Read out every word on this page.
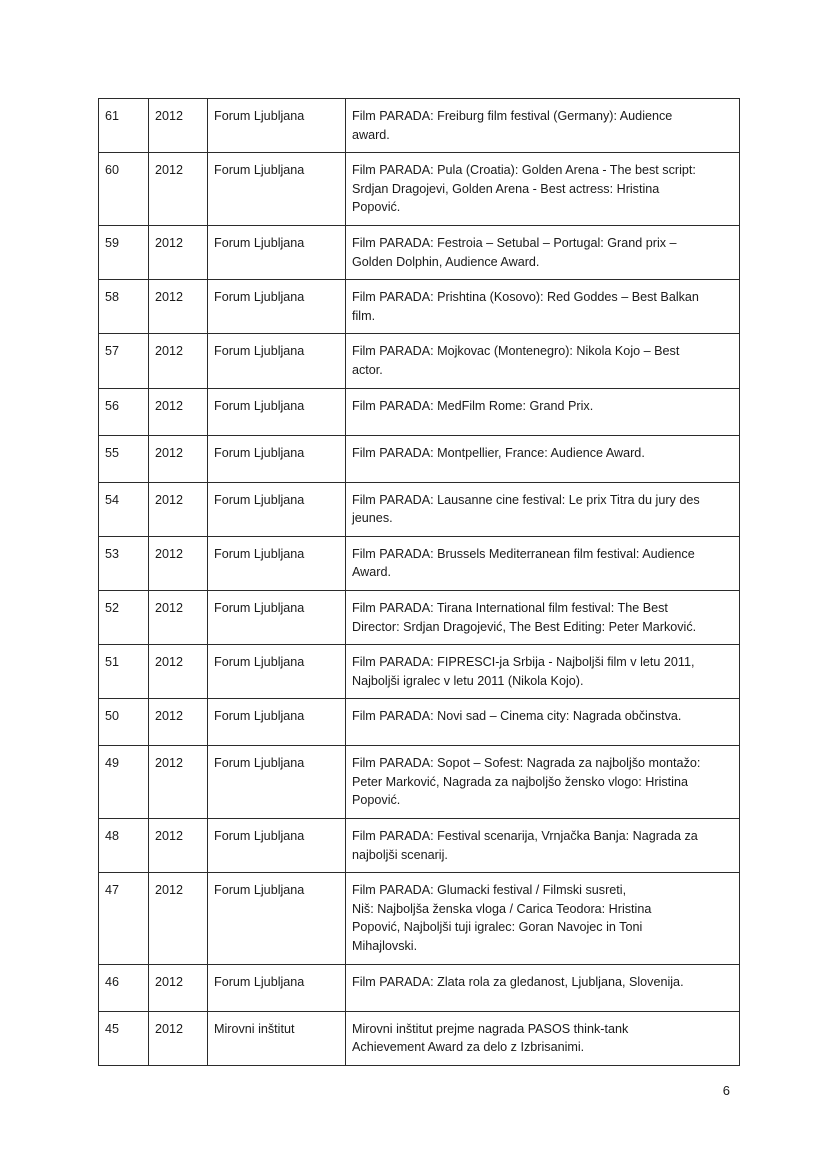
61	2012	Forum Ljubljana	Film PARADA: Freiburg film festival (Germany): Audience
award.
60	2012	Forum Ljubljana	Film PARADA: Pula (Croatia): Golden Arena - The best script:
Srdjan Dragojevi, Golden Arena - Best actress: Hristina
Popović.
59	2012	Forum Ljubljana	Film PARADA: Festroia – Setubal – Portugal: Grand prix –
Golden Dolphin, Audience Award.
58	2012	Forum Ljubljana	Film PARADA: Prishtina (Kosovo): Red Goddes – Best Balkan
film.
57	2012	Forum Ljubljana	Film PARADA: Mojkovac (Montenegro): Nikola Kojo – Best
actor.
56	2012	Forum Ljubljana	Film PARADA: MedFilm Rome: Grand Prix.
55	2012	Forum Ljubljana	Film PARADA: Montpellier, France: Audience Award.
54	2012	Forum Ljubljana	Film PARADA: Lausanne cine festival: Le prix Titra du jury des
jeunes.
53	2012	Forum Ljubljana	Film PARADA: Brussels Mediterranean film festival: Audience
Award.
52	2012	Forum Ljubljana	Film PARADA: Tirana International film festival: The Best
Director: Srdjan Dragojević, The Best Editing: Peter Marković.
51	2012	Forum Ljubljana	Film PARADA: FIPRESCI-ja Srbija - Najboljši film v letu 2011,
Najboljši igralec v letu 2011 (Nikola Kojo).
50	2012	Forum Ljubljana	Film PARADA: Novi sad – Cinema city: Nagrada občinstva.
49	2012	Forum Ljubljana	Film PARADA: Sopot – Sofest: Nagrada za najboljšo montažo:
Peter Marković, Nagrada za najboljšo žensko vlogo: Hristina
Popović.
48	2012	Forum Ljubljana	Film PARADA: Festival scenarija, Vrnjačka Banja: Nagrada za
najboljši scenarij.
47	2012	Forum Ljubljana	Film PARADA: Glumacki festival / Filmski susreti,
Niš: Najboljša ženska vloga / Carica Teodora: Hristina
Popović, Najboljši tuji igralec: Goran Navojec in Toni
Mihajlovski.
46	2012	Forum Ljubljana	Film PARADA: Zlata rola za gledanost, Ljubljana, Slovenija.
45	2012	Mirovni inštitut	Mirovni inštitut prejme nagrada PASOS think-tank
Achievement Award za delo z Izbrisanimi.
6
